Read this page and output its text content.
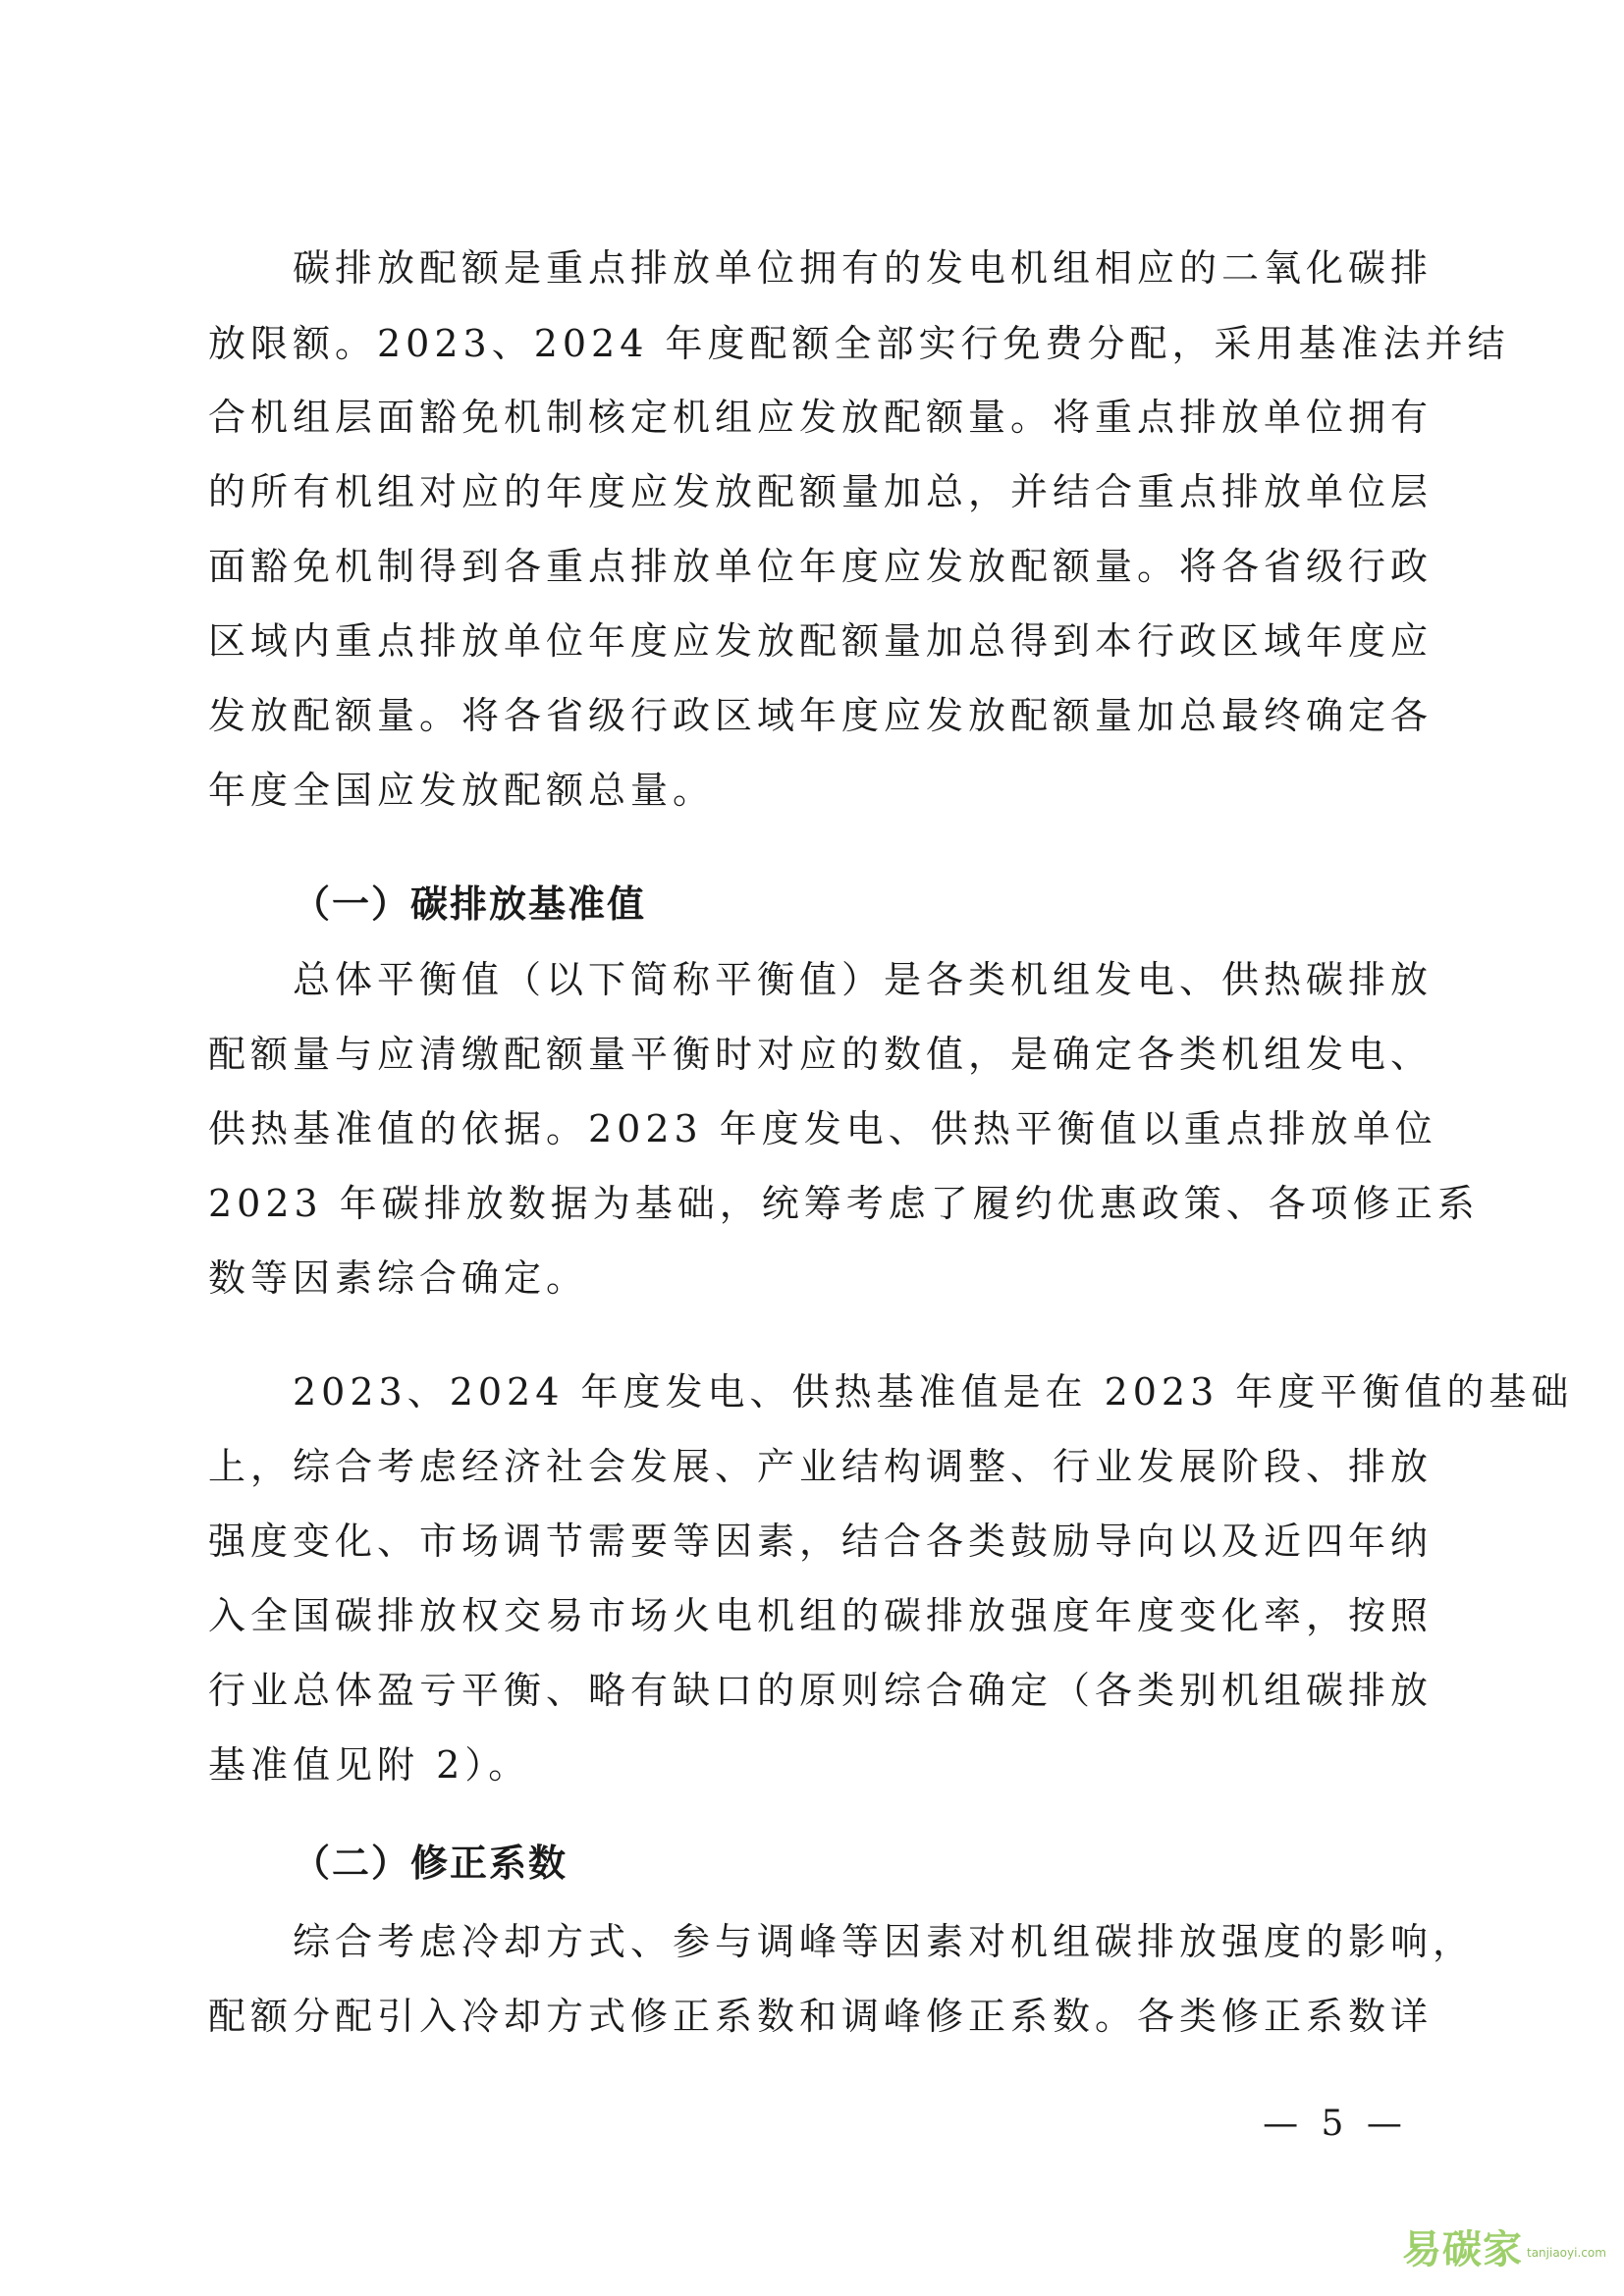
碳排放配额是重点排放单位拥有的发电机组相应的二氧化碳排

放限额。2023、2024 年度配额全部实行免费分配，采用基准法并结

合机组层面豁免机制核定机组应发放配额量。将重点排放单位拥有

的所有机组对应的年度应发放配额量加总，并结合重点排放单位层

面豁免机制得到各重点排放单位年度应发放配额量。将各省级行政

区域内重点排放单位年度应发放配额量加总得到本行政区域年度应

发放配额量。将各省级行政区域年度应发放配额量加总最终确定各

年度全国应发放配额总量。

（一）碳排放基准值

总体平衡值（以下简称平衡值）是各类机组发电、供热碳排放

配额量与应清缴配额量平衡时对应的数值，是确定各类机组发电、

供热基准值的依据。2023 年度发电、供热平衡值以重点排放单位

2023 年碳排放数据为基础，统筹考虑了履约优惠政策、各项修正系

数等因素综合确定。

2023、2024 年度发电、供热基准值是在 2023 年度平衡值的基础

上，综合考虑经济社会发展、产业结构调整、行业发展阶段、排放

强度变化、市场调节需要等因素，结合各类鼓励导向以及近四年纳

入全国碳排放权交易市场火电机组的碳排放强度年度变化率，按照

行业总体盈亏平衡、略有缺口的原则综合确定（各类别机组碳排放

基准值见附 2）。

（二）修正系数

综合考虑冷却方式、参与调峰等因素对机组碳排放强度的影响，

配额分配引入冷却方式修正系数和调峰修正系数。各类修正系数详

— 5 —
易碳家 tanjiaoyi.com
